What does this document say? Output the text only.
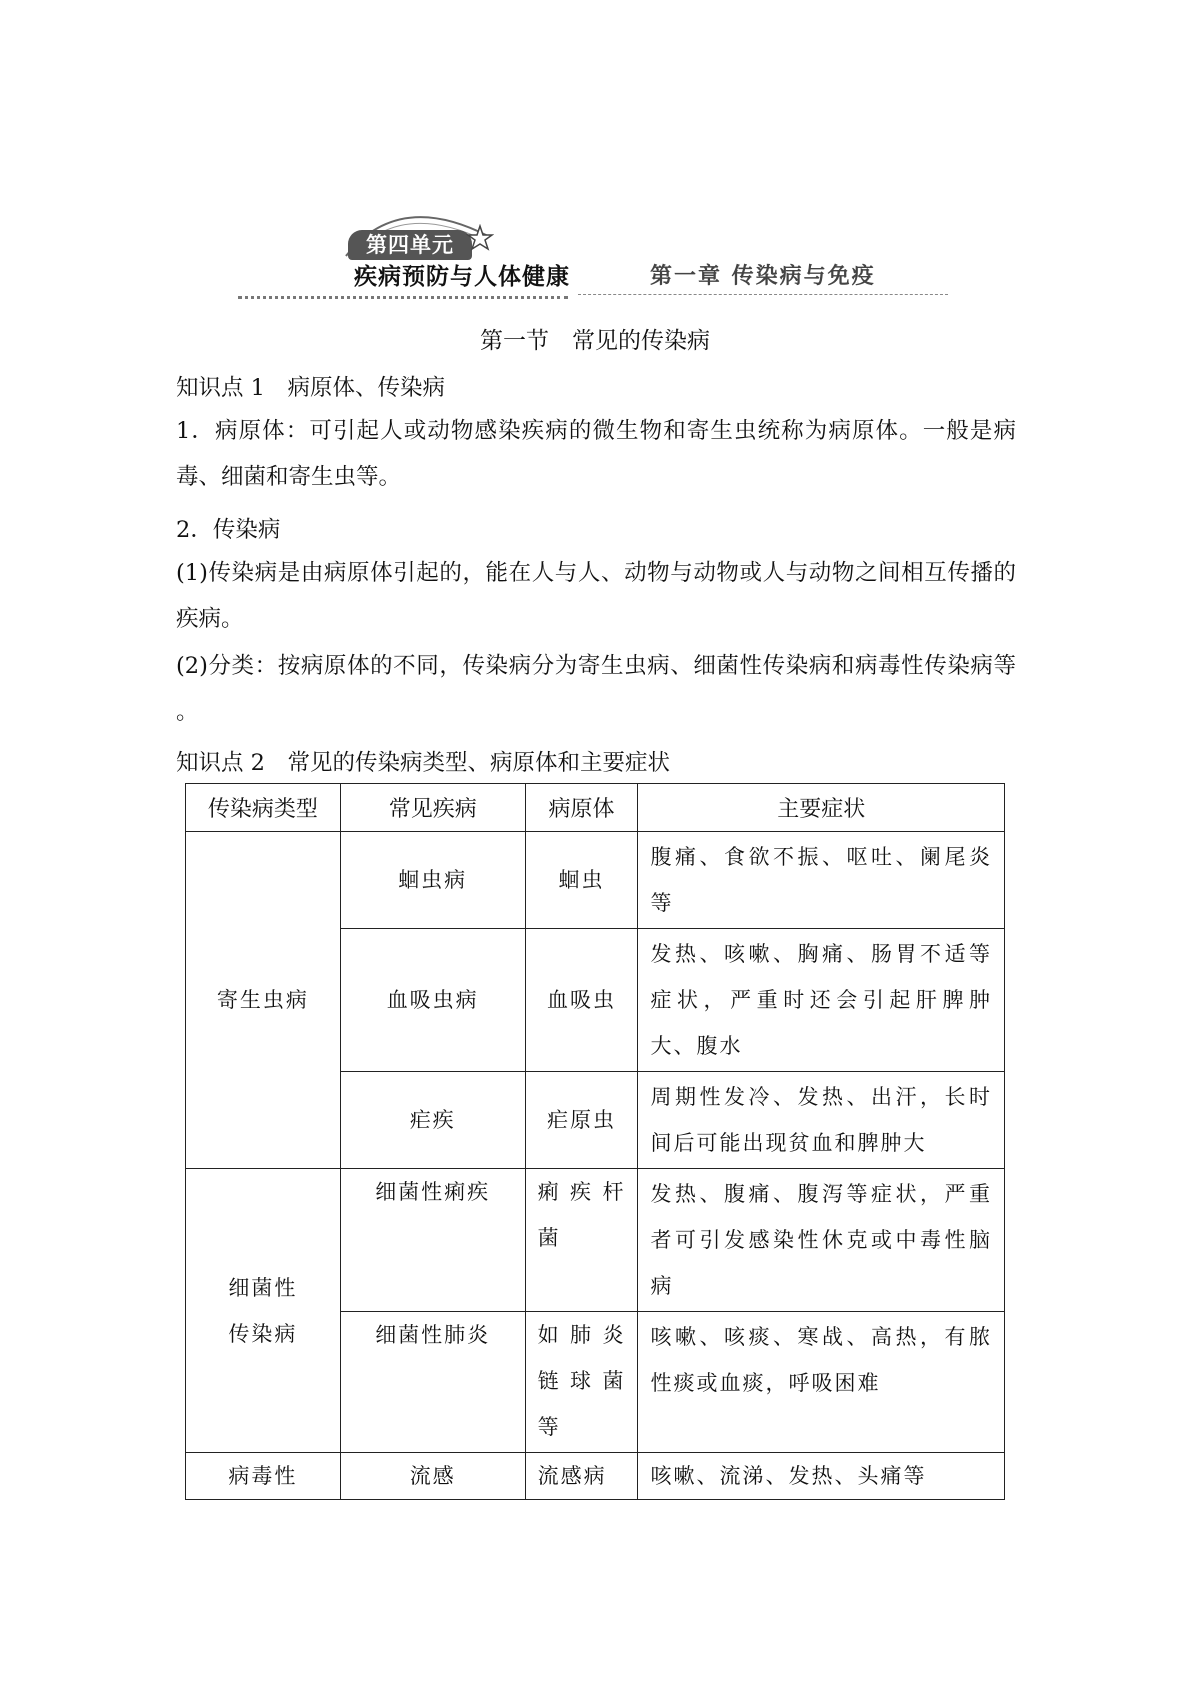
第四单元
疾病预防与人体健康	第一章 传染病与免疫
第一节　常见的传染病
知识点 1　病原体、传染病
1．病原体：可引起人或动物感染疾病的微生物和寄生虫统称为病原体。一般是病毒、细菌和寄生虫等。
2．传染病
(1)传染病是由病原体引起的，能在人与人、动物与动物或人与动物之间相互传播的疾病。
(2)分类：按病原体的不同，传染病分为寄生虫病、细菌性传染病和病毒性传染病等 。
知识点 2　常见的传染病类型、病原体和主要症状
传染病类型	常见疾病	病原体	主要症状
寄生虫病	蛔虫病	蛔虫	腹痛、食欲不振、呕吐、阑尾炎等
	血吸虫病	血吸虫	发热、咳嗽、胸痛、肠胃不适等症状，严重时还会引起肝脾肿大、腹水
	疟疾	疟原虫	周期性发冷、发热、出汗，长时间后可能出现贫血和脾肿大

细菌性
传染病	细菌性痢疾	痢疾杆菌	发热、腹痛、腹泻等症状，严重者可引发感染性休克或中毒性脑病
	细菌性肺炎	如肺炎链球菌等	咳嗽、咳痰、寒战、高热，有脓性痰或血痰，呼吸困难
病毒性	流感	流感病	咳嗽、流涕、发热、头痛等
